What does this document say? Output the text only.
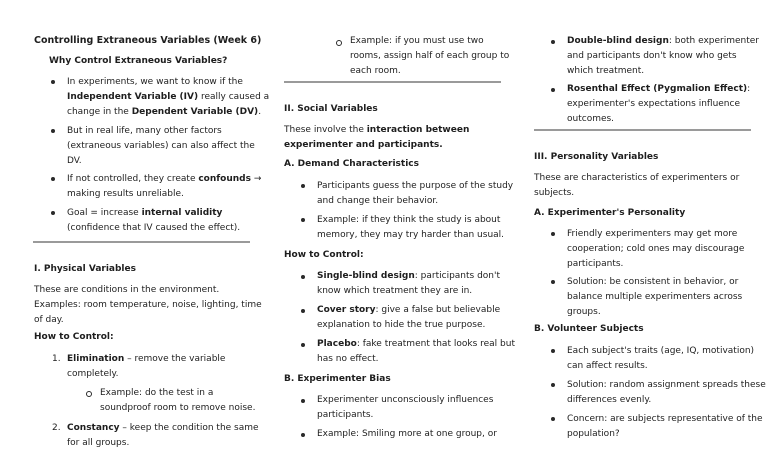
Controlling Extraneous Variables (Week 6)
Why Control Extraneous Variables?
In experiments, we want to know if the
Independent Variable (IV) really caused a
change in the Dependent Variable (DV).
But in real life, many other factors
(extraneous variables) can also affect the
DV.
If not controlled, they create confounds →
making results unreliable.
Goal = increase internal validity
(confidence that IV caused the effect).
I. Physical Variables
These are conditions in the environment.
Examples: room temperature, noise, lighting, time
of day.
How to Control:
1. Elimination – remove the variable
completely.
Example: do the test in a
soundproof room to remove noise.
2. Constancy – keep the condition the same
for all groups.
Example: if you must use two
rooms, assign half of each group to
each room.
II. Social Variables
These involve the interaction between
experimenter and participants.
A. Demand Characteristics
Participants guess the purpose of the study
and change their behavior.
Example: if they think the study is about
memory, they may try harder than usual.
How to Control:
Single-blind design: participants don't
know which treatment they are in.
Cover story: give a false but believable
explanation to hide the true purpose.
Placebo: fake treatment that looks real but
has no effect.
B. Experimenter Bias
Experimenter unconsciously influences
participants.
Example: Smiling more at one group, or
Double-blind design: both experimenter
and participants don't know who gets
which treatment.
Rosenthal Effect (Pygmalion Effect):
experimenter's expectations influence
outcomes.
III. Personality Variables
These are characteristics of experimenters or
subjects.
A. Experimenter's Personality
Friendly experimenters may get more
cooperation; cold ones may discourage
participants.
Solution: be consistent in behavior, or
balance multiple experimenters across
groups.
B. Volunteer Subjects
Each subject's traits (age, IQ, motivation)
can affect results.
Solution: random assignment spreads these
differences evenly.
Concern: are subjects representative of the
population?
